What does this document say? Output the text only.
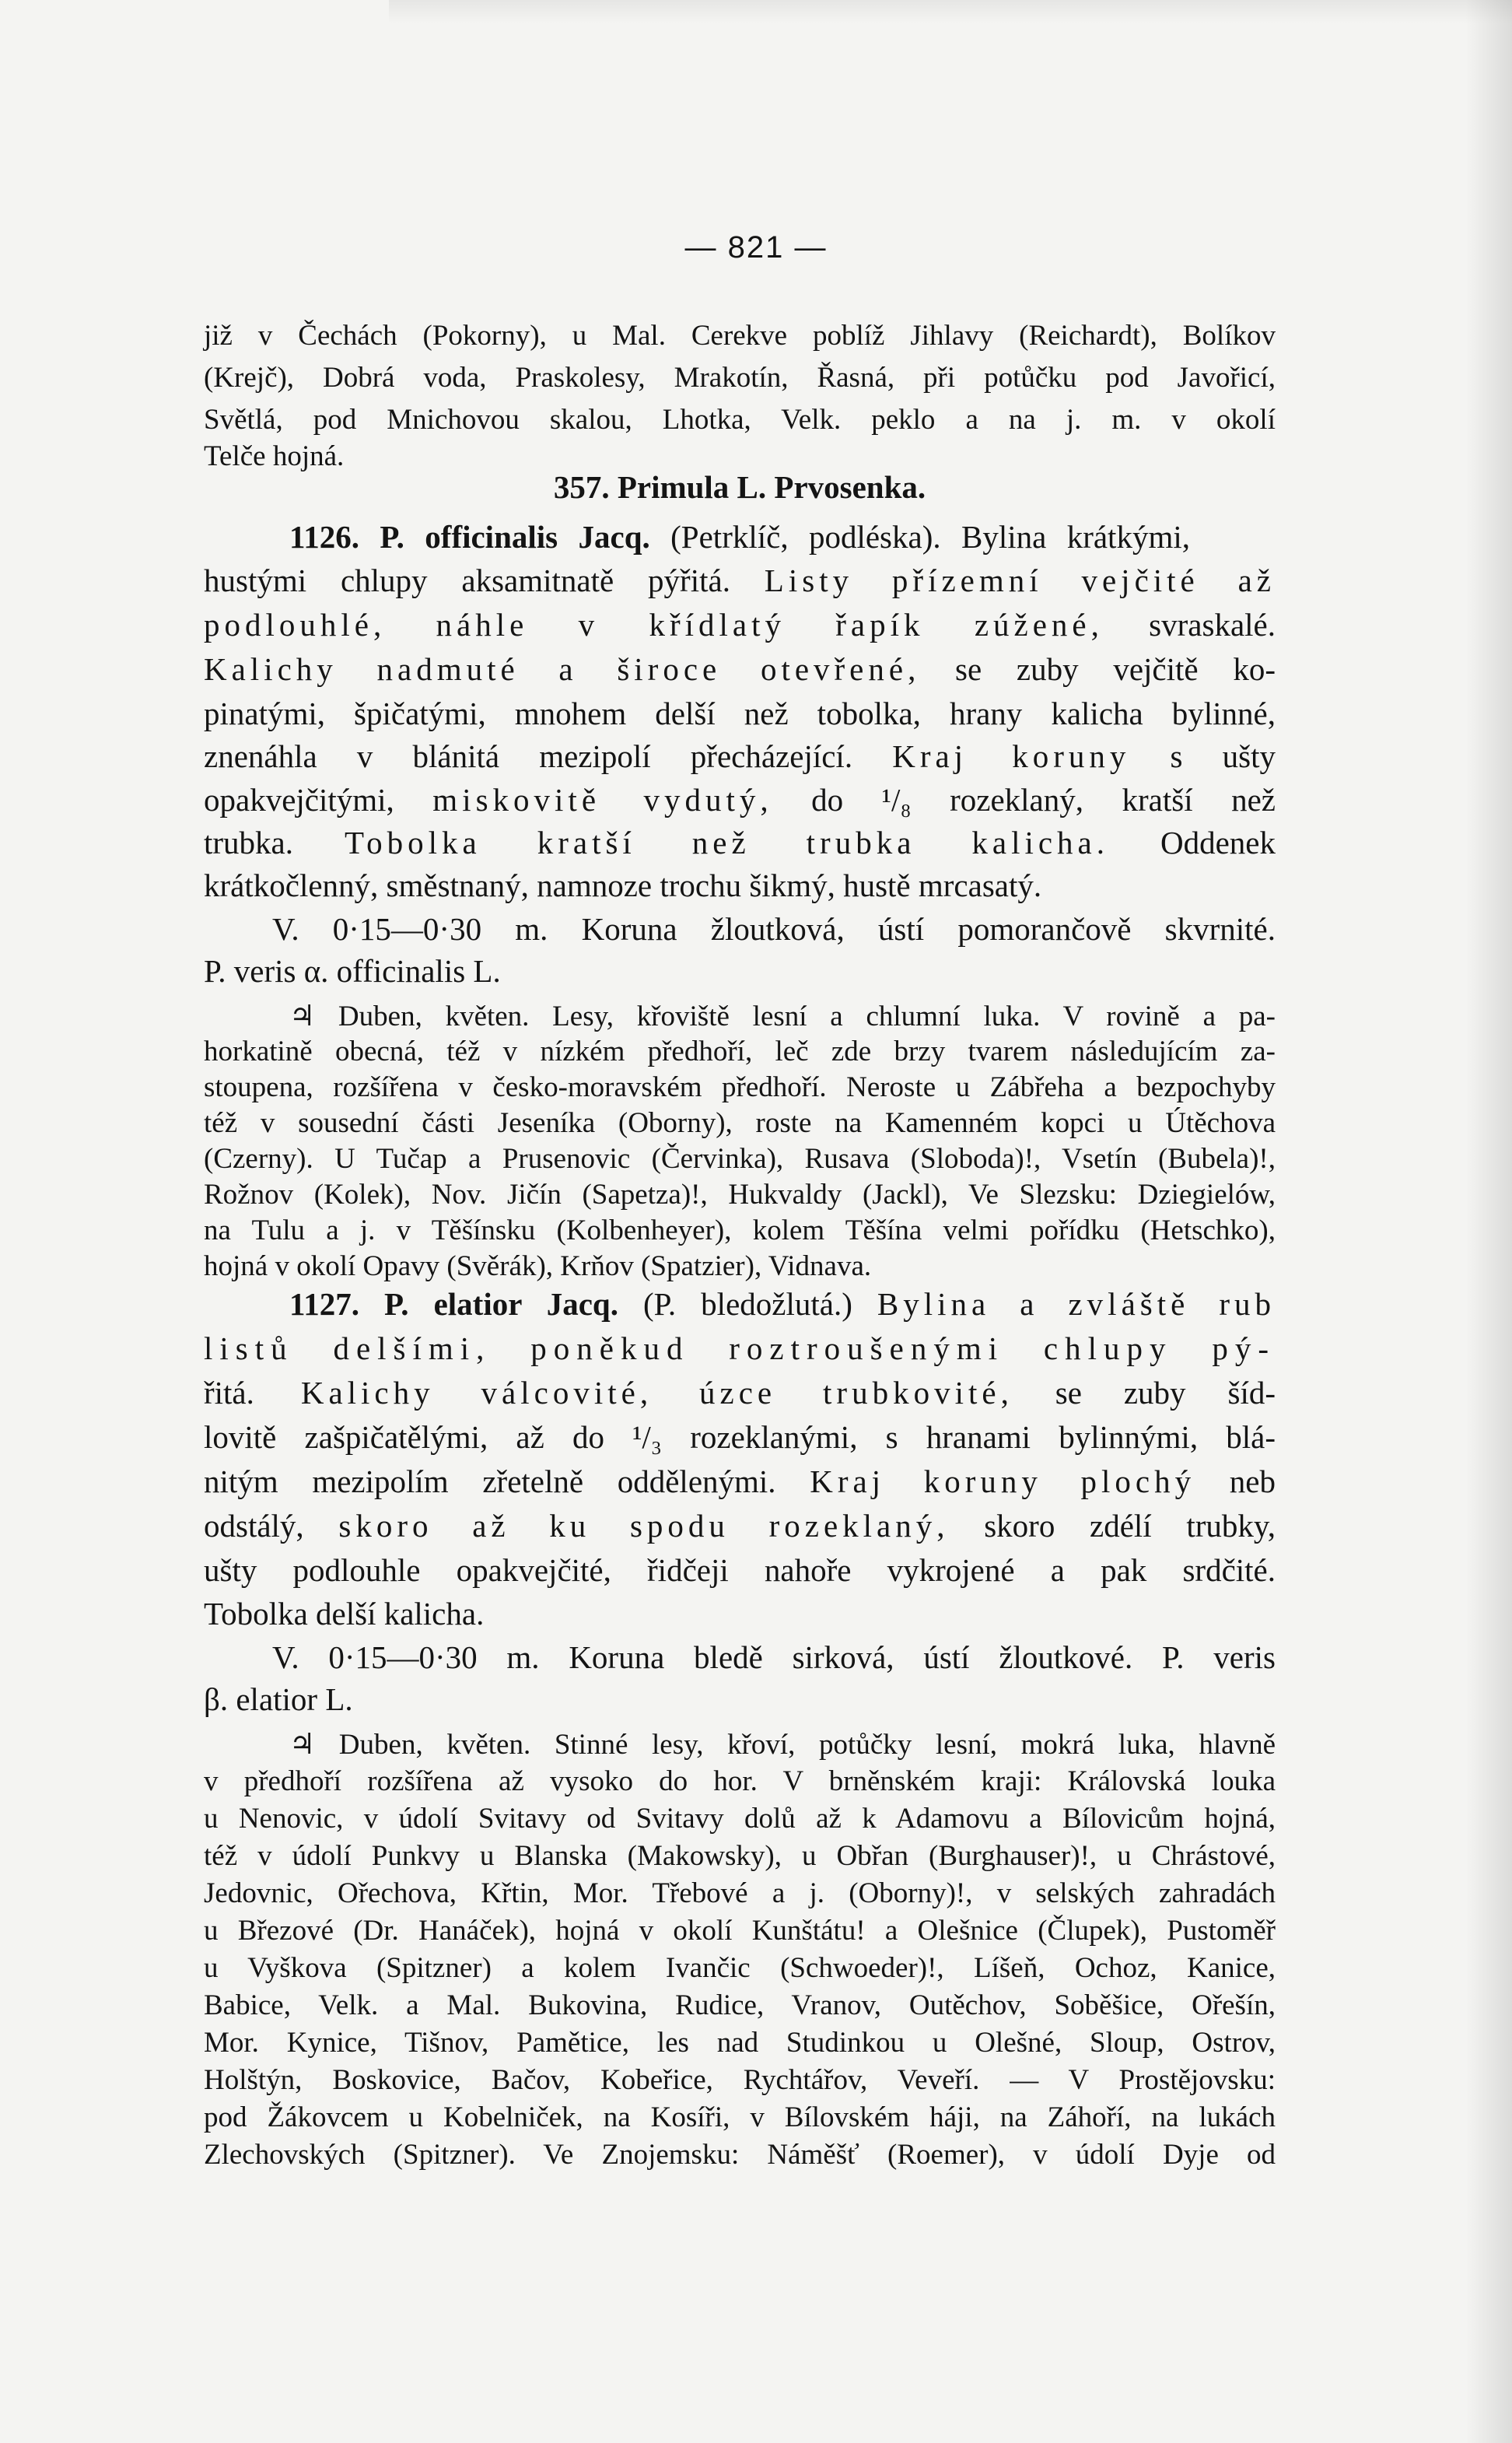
— 821 —
již v Čechách (Pokorny), u Mal. Cerekve poblíž Jihlavy (Reichardt), Bolíkov
(Krejč), Dobrá voda, Praskolesy, Mrakotín, Řasná, při potůčku pod Javořicí,
Světlá, pod Mnichovou skalou, Lhotka, Velk. peklo a na j. m. v okolí
Telče hojná.
357. Primula L. Prvosenka.
1126. P. officinalis Jacq. (Petrklíč, podléska). Bylina krátkými,
hustými chlupy aksamitnatě pýřitá. Listy přízemní vejčité až
podlouhlé, náhle v křídlatý řapík zúžené, svraskalé.
Kalichy nadmuté a široce otevřené, se zuby vejčitě ko-
pinatými, špičatými, mnohem delší než tobolka, hrany kalicha bylinné,
znenáhla v blánitá mezipolí přecházející. Kraj koruny s ušty
opakvejčitými, miskovitě vydutý, do ¹/₈ rozeklaný, kratší než
trubka. Tobolka kratší než trubka kalicha. Oddenek
krátkočlenný, směstnaný, namnoze trochu šikmý, hustě mrcasatý.
V. 0·15—0·30 m. Koruna žloutková, ústí pomorančově skvrnité.
P. veris α. officinalis L.
♃ Duben, květen. Lesy, křoviště lesní a chlumní luka. V rovině a pa-
horkatině obecná, též v nízkém předhoří, leč zde brzy tvarem následujícím za-
stoupena, rozšířena v česko-moravském předhoří. Neroste u Zábřeha a bezpochyby
též v sousední části Jeseníka (Oborny), roste na Kamenném kopci u Útěchova
(Czerny). U Tučap a Prusenovic (Červinka), Rusava (Sloboda)!, Vsetín (Bubela)!,
Rožnov (Kolek), Nov. Jičín (Sapetza)!, Hukvaldy (Jackl), Ve Slezsku: Dziegielów,
na Tulu a j. v Těšínsku (Kolbenheyer), kolem Těšína velmi pořídku (Hetschko),
hojná v okolí Opavy (Svěrák), Krňov (Spatzier), Vidnava.
1127. P. elatior Jacq. (P. bledožlutá.) Bylina a zvláště rub
listů delšími, poněkud roztroušenými chlupy pý-
řitá. Kalichy válcovité, úzce trubkovité, se zuby šíd-
lovitě zašpičatělými, až do ¹/₃ rozeklanými, s hranami bylinnými, blá-
nitým mezipolím zřetelně oddělenými. Kraj koruny plochý neb
odstálý, skoro až ku spodu rozeklaný, skoro zdélí trubky,
ušty podlouhle opakvejčité, řidčeji nahoře vykrojené a pak srdčité.
Tobolka delší kalicha.
V. 0·15—0·30 m. Koruna bledě sirková, ústí žloutkové. P. veris
β. elatior L.
♃ Duben, květen. Stinné lesy, křoví, potůčky lesní, mokrá luka, hlavně
v předhoří rozšířena až vysoko do hor. V brněnském kraji: Královská louka
u Nenovic, v údolí Svitavy od Svitavy dolů až k Adamovu a Bílovicům hojná,
též v údolí Punkvy u Blanska (Makowsky), u Obřan (Burghauser)!, u Chrástové,
Jedovnic, Ořechova, Křtin, Mor. Třebové a j. (Oborny)!, v selských zahradách
u Březové (Dr. Hanáček), hojná v okolí Kunštátu! a Olešnice (Člupek), Pustoměř
u Vyškova (Spitzner) a kolem Ivančic (Schwoeder)!, Líšeň, Ochoz, Kanice,
Babice, Velk. a Mal. Bukovina, Rudice, Vranov, Outěchov, Soběšice, Ořešín,
Mor. Kynice, Tišnov, Pamětice, les nad Studinkou u Olešné, Sloup, Ostrov,
Holštýn, Boskovice, Bačov, Kobeřice, Rychtářov, Veveří. — V Prostějovsku:
pod Žákovcem u Kobelniček, na Kosíři, v Bílovském háji, na Záhoří, na lukách
Zlechovských (Spitzner). Ve Znojemsku: Náměšť (Roemer), v údolí Dyje od
